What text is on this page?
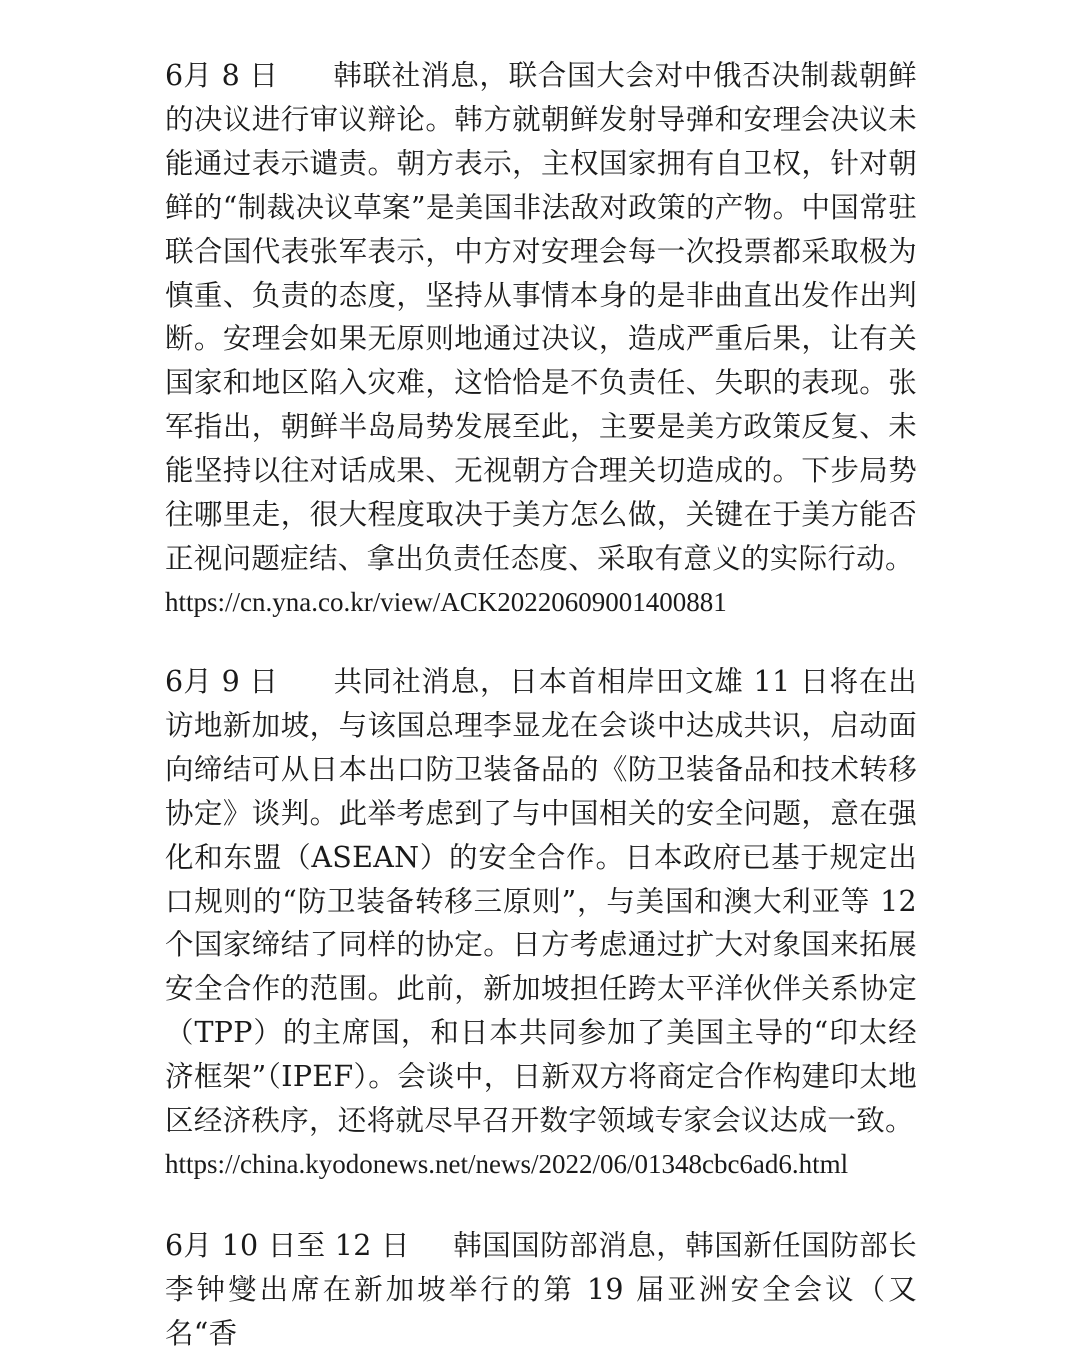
6月 8 日 韩联社消息，联合国大会对中俄否决制裁朝鲜的决议进行审议辩论。韩方就朝鲜发射导弹和安理会决议未能通过表示谴责。朝方表示，主权国家拥有自卫权，针对朝鲜的“制裁决议草案”是美国非法敌对政策的产物。中国常驻联合国代表张军表示，中方对安理会每一次投票都采取极为慎重、负责的态度，坚持从事情本身的是非曲直出发作出判断。安理会如果无原则地通过决议，造成严重后果，让有关国家和地区陷入灾难，这恰恰是不负责任、失职的表现。张军指出，朝鲜半岛局势发展至此，主要是美方政策反复、未能坚持以往对话成果、无视朝方合理关切造成的。下步局势往哪里走，很大程度取决于美方怎么做，关键在于美方能否正视问题症结、拿出负责任态度、采取有意义的实际行动。

https://cn.yna.co.kr/view/ACK20220609001400881

6月 9 日 共同社消息，日本首相岸田文雄 11 日将在出访地新加坡，与该国总理李显龙在会谈中达成共识，启动面向缔结可从日本出口防卫装备品的《防卫装备品和技术转移协定》谈判。此举考虑到了与中国相关的安全问题，意在强化和东盟（ASEAN）的安全合作。日本政府已基于规定出口规则的“防卫装备转移三原则”，与美国和澳大利亚等 12 个国家缔结了同样的协定。日方考虑通过扩大对象国来拓展安全合作的范围。此前，新加坡担任跨太平洋伙伴关系协定（TPP）的主席国，和日本共同参加了美国主导的“印太经济框架”（IPEF）。会谈中，日新双方将商定合作构建印太地区经济秩序，还将就尽早召开数字领域专家会议达成一致。

https://china.kyodonews.net/news/2022/06/01348cbc6ad6.html

6月 10 日至 12 日 韩国国防部消息，韩国新任国防部长李钟燮出席在新加坡举行的第 19 届亚洲安全会议（又名“香
